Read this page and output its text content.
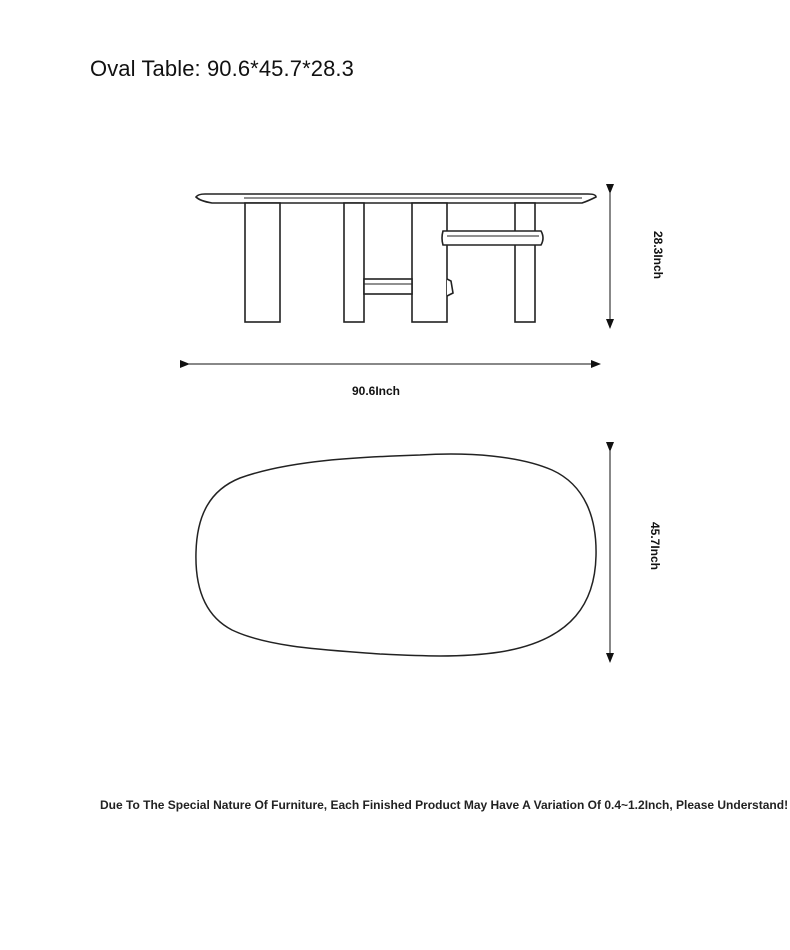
Oval Table: 90.6*45.7*28.3
28.3Inch
90.6Inch
45.7Inch
Due To The Special Nature Of Furniture, Each Finished Product May Have A Variation Of 0.4~1.2Inch, Please Understand!
